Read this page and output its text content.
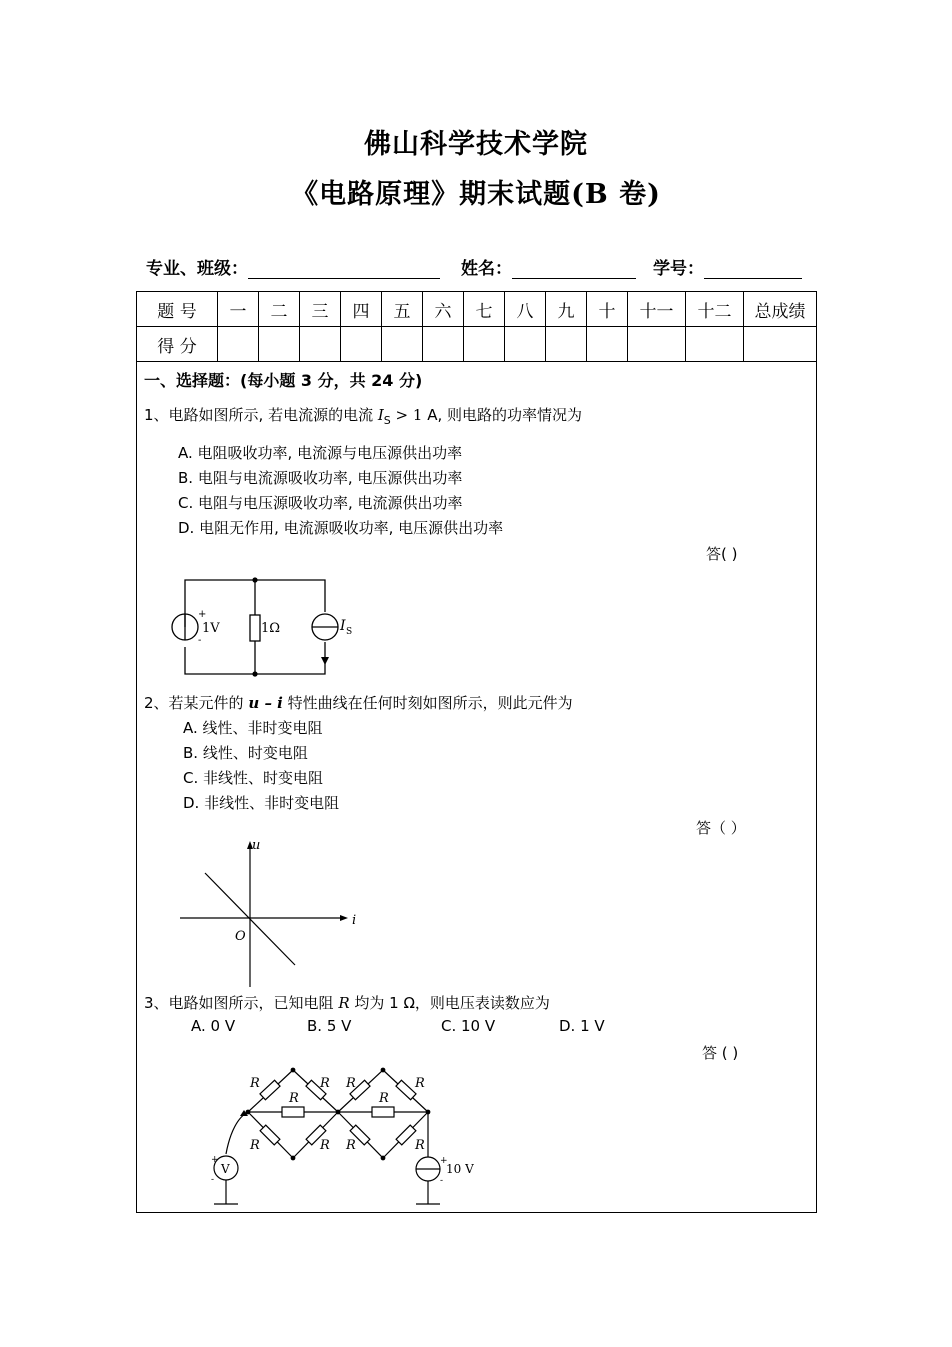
佛山科学技术学院
《电路原理》期末试题(B 卷)
专业、班级：	姓名：	学号：
题 号	一	二	三	四	五	六	七	八	九	十	十一	十二	总成绩
得 分													
一、选择题：(每小题 3 分，共 24 分)
1、电路如图所示, 若电流源的电流 $I_S > 1$ A, 则电路的功率情况为
A. 电阻吸收功率, 电流源与电压源供出功率
B. 电阻与电流源吸收功率, 电压源供出功率
C. 电阻与电压源吸收功率, 电流源供出功率
D. 电阻无作用, 电流源吸收功率, 电压源供出功率
答( )
+
-
1V	1Ω	I S
2、若某元件的 u – i 特性曲线在任何时刻如图所示，则此元件为
A. 线性、非时变电阻
B. 线性、时变电阻
C. 非线性、时变电阻
D. 非线性、非时变电阻
答（ ）
u
i
O
3、电路如图所示，已知电阻 R 均为 1 Ω，则电压表读数应为
A. 0 V	B. 5 V	C. 10 V	D. 1 V
答 ( )
R	R R	R
R	R
R	R R	R
V
+
-
+
-
10 V
